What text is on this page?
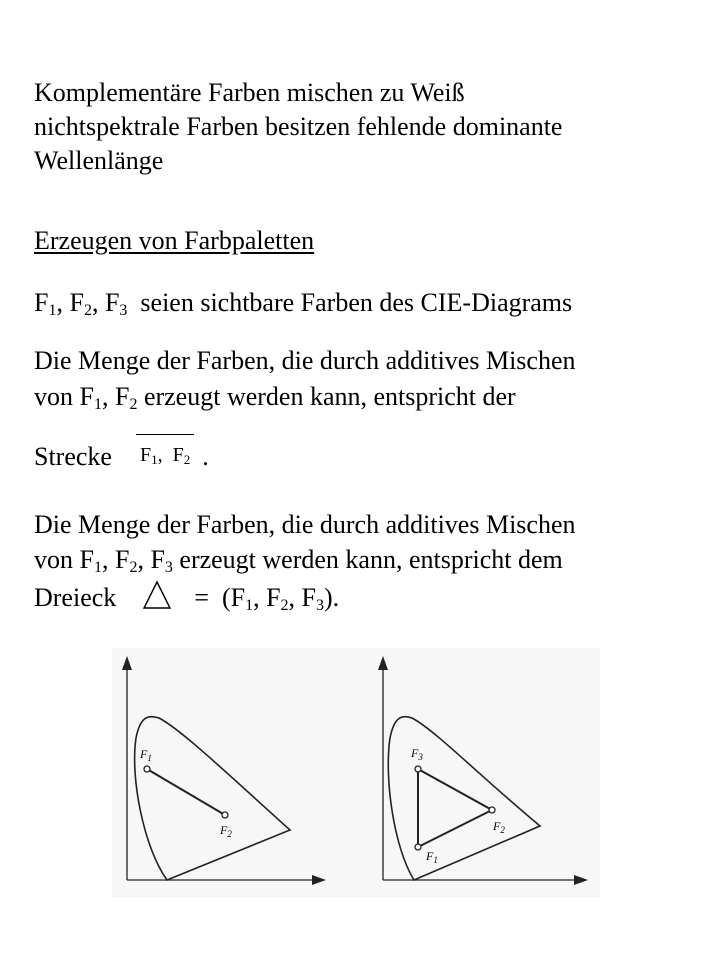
Komplementäre Farben mischen zu Weiß
nichtspektrale Farben besitzen fehlende dominante
Wellenlänge
Erzeugen von Farbpaletten
$F_1$, $F_2$, $F_3$  seien sichtbare Farben des CIE-Diagrams
Die Menge der Farben, die durch additives Mischen
von $F_1$, $F_2$ erzeugt werden kann, entspricht der
Strecke $F_1$,  $F_2$ .
Die Menge der Farben, die durch additives Mischen
von $F_1$, $F_2$, $F_3$ erzeugt werden kann, entspricht dem
Dreieck	=  ($F_1$, $F_2$, $F_3$).
$F_1$
$F_2$
$F_3$
$F_2$
$F_1$
